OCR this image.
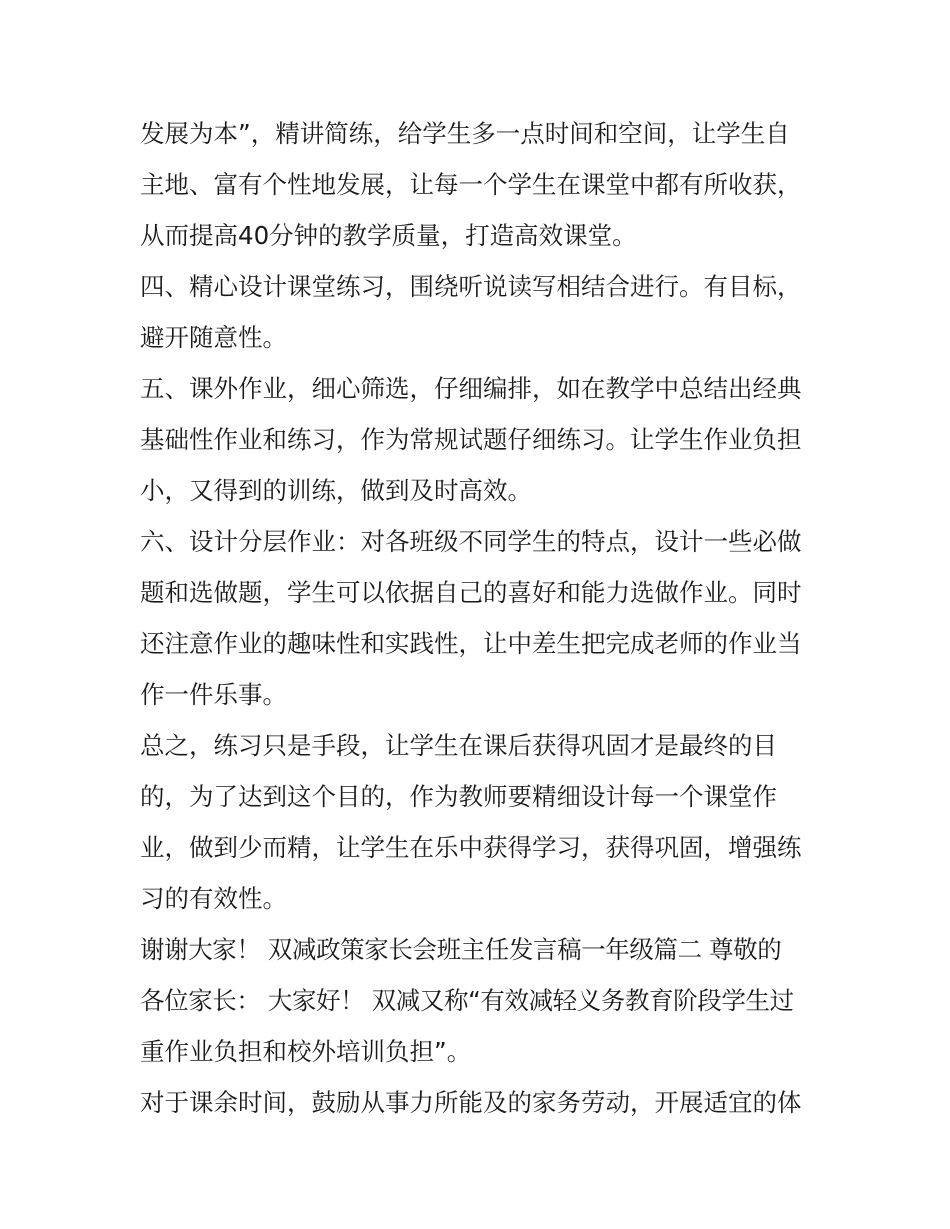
发展为本”，精讲简练，给学生多一点时间和空间，让学生自
主地、富有个性地发展，让每一个学生在课堂中都有所收获，
从而提高40分钟的教学质量，打造高效课堂。
四、精心设计课堂练习，围绕听说读写相结合进行。有目标，
避开随意性。
五、课外作业，细心筛选，仔细编排，如在教学中总结出经典
基础性作业和练习，作为常规试题仔细练习。让学生作业负担
小，又得到的训练，做到及时高效。
六、设计分层作业：对各班级不同学生的特点，设计一些必做
题和选做题，学生可以依据自己的喜好和能力选做作业。同时
还注意作业的趣味性和实践性，让中差生把完成老师的作业当
作一件乐事。
总之，练习只是手段，让学生在课后获得巩固才是最终的目
的，为了达到这个目的，作为教师要精细设计每一个课堂作
业，做到少而精，让学生在乐中获得学习，获得巩固，增强练
习的有效性。
谢谢大家！ 双减政策家长会班主任发言稿一年级篇二 尊敬的
各位家长： 大家好！ 双减又称“有效减轻义务教育阶段学生过
重作业负担和校外培训负担”。
对于课余时间，鼓励从事力所能及的家务劳动，开展适宜的体
